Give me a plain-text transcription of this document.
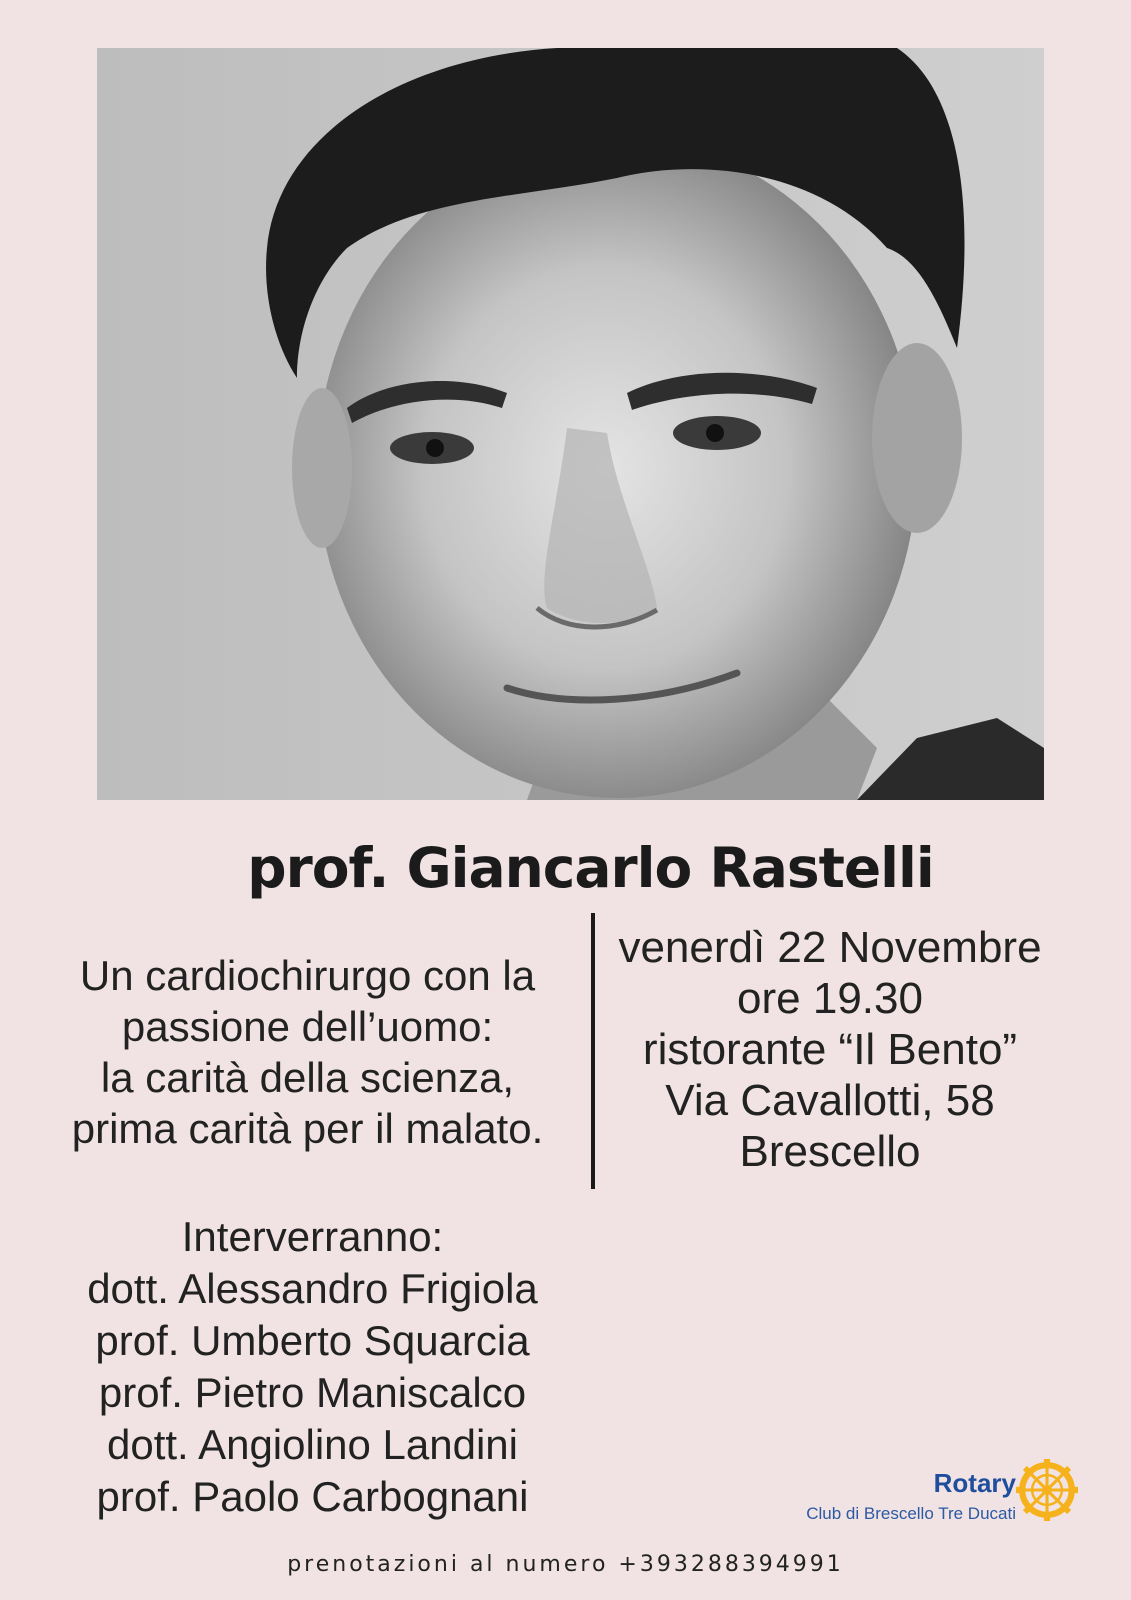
prof. Giancarlo Rastelli
Un cardiochirurgo con la
passione dell’uomo:
la carità della scienza,
prima carità per il malato.
venerdì 22 Novembre
ore 19.30
ristorante “Il Bento”
Via Cavallotti, 58
Brescello
Interverranno:
dott. Alessandro Frigiola
prof. Umberto Squarcia
prof. Pietro Maniscalco
dott. Angiolino Landini
prof. Paolo Carbognani	Rotary
Club di Brescello Tre Ducati
prenotazioni al numero +393288394991
